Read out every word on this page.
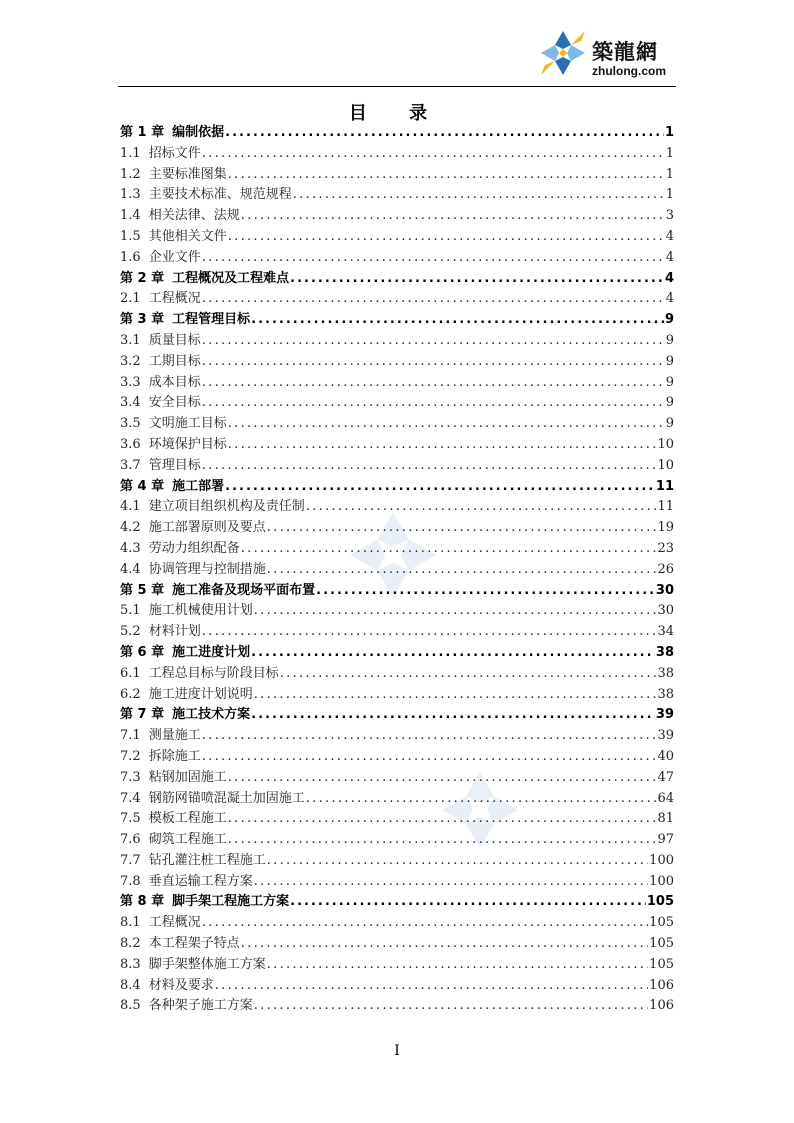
築龍網
zhulong.com
目 录
第 1 章 编制依据 .....	1
1.1 招标文件 .....	1
1.2 主要标准图集 .....	1
1.3 主要技术标准、规范规程 .....	1
1.4 相关法律、法规 .....	3
1.5 其他相关文件 .....	4
1.6 企业文件 .....	4
第 2 章 工程概况及工程难点 .....	4
2.1 工程概况 .....	4
第 3 章 工程管理目标 .....	9
3.1 质量目标 .....	9
3.2 工期目标 .....	9
3.3 成本目标 .....	9
3.4 安全目标 .....	9
3.5 文明施工目标 .....	9
3.6 环境保护目标 .....	10
3.7 管理目标 .....	10
第 4 章 施工部署 .....	11
4.1 建立项目组织机构及责任制 .....	11
4.2 施工部署原则及要点 .....	19
4.3 劳动力组织配备 .....	23
4.4 协调管理与控制措施 .....	26
第 5 章 施工准备及现场平面布置 .....	30
5.1 施工机械使用计划 .....	30
5.2 材料计划 .....	34
第 6 章 施工进度计划 .....	38
6.1 工程总目标与阶段目标 .....	38
6.2 施工进度计划说明 .....	38
第 7 章 施工技术方案 .....	39
7.1 测量施工 .....	39
7.2 拆除施工 .....	40
7.3 粘钢加固施工 .....	47
7.4 钢筋网锚喷混凝土加固施工 .....	64
7.5 模板工程施工 .....	81
7.6 砌筑工程施工 .....	97
7.7 钻孔灌注桩工程施工 .....	100
7.8 垂直运输工程方案 .....	100
第 8 章 脚手架工程施工方案 .....	105
8.1 工程概况 .....	105
8.2 本工程架子特点 .....	105
8.3 脚手架整体施工方案 .....	105
8.4 材料及要求 .....	106
8.5 各种架子施工方案 .....	106
I
